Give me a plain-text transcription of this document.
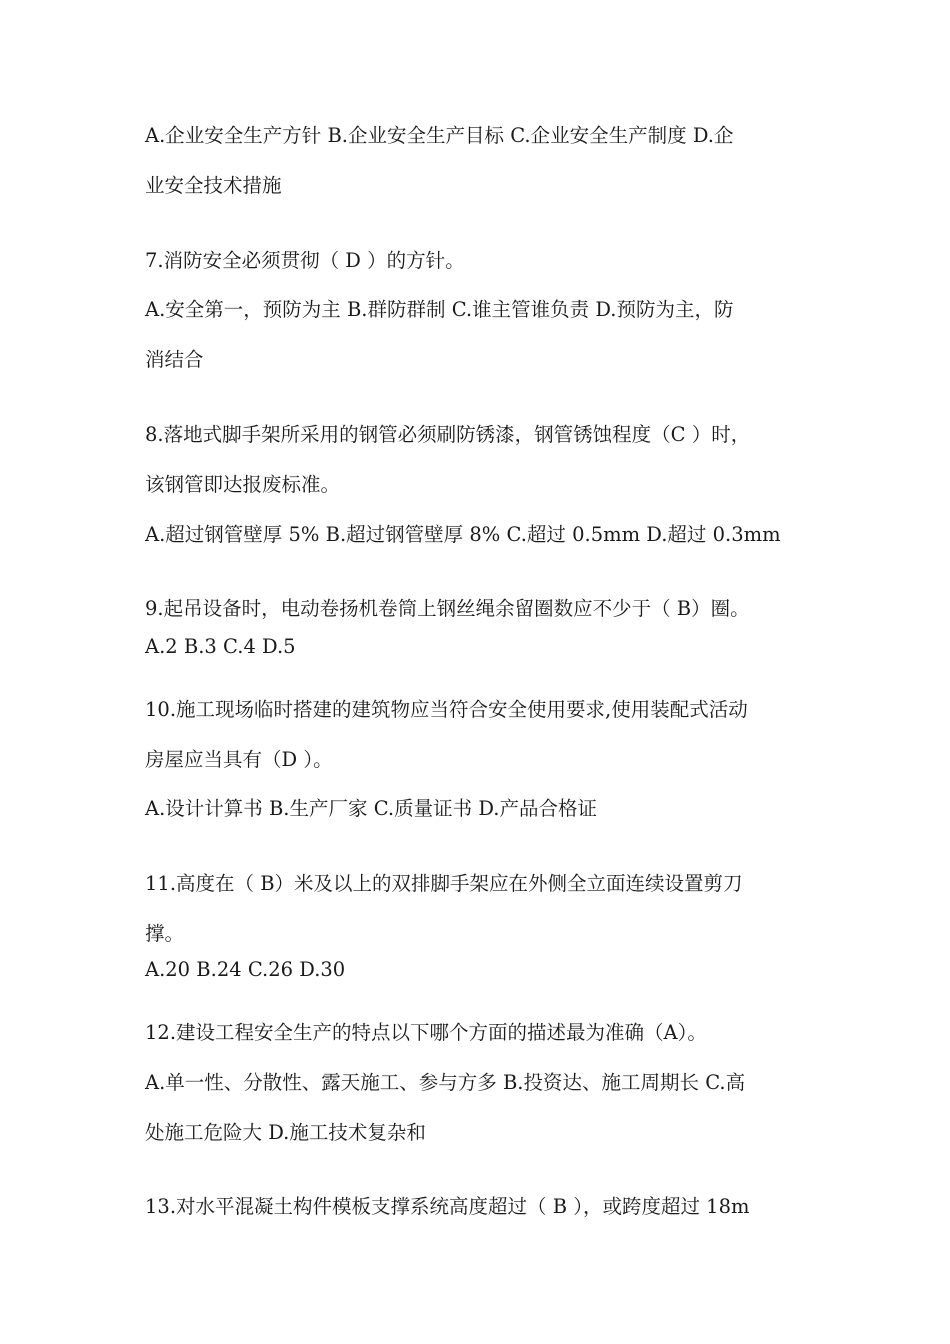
A.企业安全生产方针 B.企业安全生产目标 C.企业安全生产制度 D.企
业安全技术措施
7.消防安全必须贯彻（ D ）的方针。
A.安全第一，预防为主 B.群防群制 C.谁主管谁负责 D.预防为主，防
消结合
8.落地式脚手架所采用的钢管必须刷防锈漆，钢管锈蚀程度（C ）时，
该钢管即达报废标准。
A.超过钢管壁厚 5% B.超过钢管壁厚 8% C.超过 0.5mm D.超过 0.3mm
9.起吊设备时，电动卷扬机卷筒上钢丝绳余留圈数应不少于（ B）圈。
A.2 B.3 C.4 D.5
10.施工现场临时搭建的建筑物应当符合安全使用要求,使用装配式活动
房屋应当具有（D ）。
A.设计计算书 B.生产厂家 C.质量证书 D.产品合格证
11.高度在（ B）米及以上的双排脚手架应在外侧全立面连续设置剪刀
撑。
A.20 B.24 C.26 D.30
12.建设工程安全生产的特点以下哪个方面的描述最为准确（A）。
A.单一性、分散性、露天施工、参与方多 B.投资达、施工周期长 C.高
处施工危险大 D.施工技术复杂和
13.对水平混凝土构件模板支撑系统高度超过（ B ），或跨度超过 18m
